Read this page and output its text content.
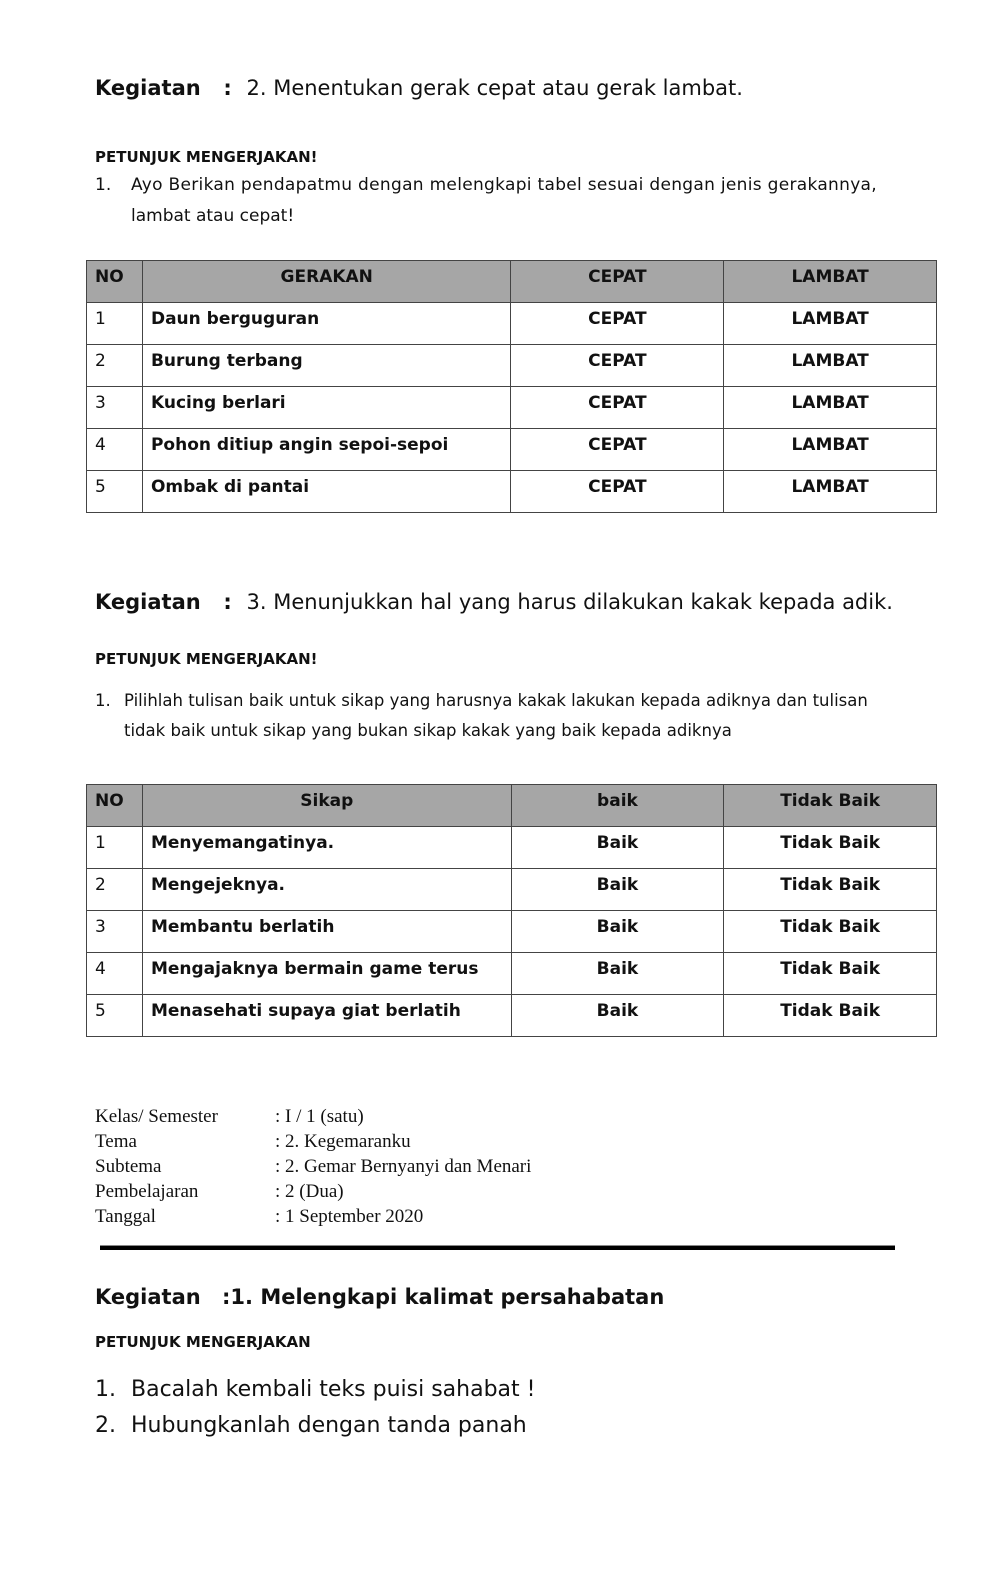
Kegiatan : 2. Menentukan gerak cepat atau gerak lambat.
PETUNJUK MENGERJAKAN!
1. Ayo Berikan pendapatmu dengan melengkapi tabel sesuai dengan jenis gerakannya,
lambat atau cepat!
NO	GERAKAN	CEPAT	LAMBAT
1	Daun berguguran	CEPAT	LAMBAT
2	Burung terbang	CEPAT	LAMBAT
3	Kucing berlari	CEPAT	LAMBAT
4	Pohon ditiup angin sepoi-sepoi	CEPAT	LAMBAT
5	Ombak di pantai	CEPAT	LAMBAT
Kegiatan : 3. Menunjukkan hal yang harus dilakukan kakak kepada adik.
PETUNJUK MENGERJAKAN!
1. Pilihlah tulisan baik untuk sikap yang harusnya kakak lakukan kepada adiknya dan tulisan
tidak baik untuk sikap yang bukan sikap kakak yang baik kepada adiknya
NO	Sikap	baik	Tidak Baik
1	Menyemangatinya.	Baik	Tidak Baik
2	Mengejeknya.	Baik	Tidak Baik
3	Membantu berlatih	Baik	Tidak Baik
4	Mengajaknya bermain game terus	Baik	Tidak Baik
5	Menasehati supaya giat berlatih	Baik	Tidak Baik
Kelas/ Semester	: I / 1 (satu)
Tema	: 2. Kegemaranku
Subtema	: 2. Gemar Bernyanyi dan Menari
Pembelajaran	: 2 (Dua)
Tanggal	: 1 September 2020
Kegiatan :1. Melengkapi kalimat persahabatan
PETUNJUK MENGERJAKAN
1. Bacalah kembali teks puisi sahabat !
2. Hubungkanlah dengan tanda panah
